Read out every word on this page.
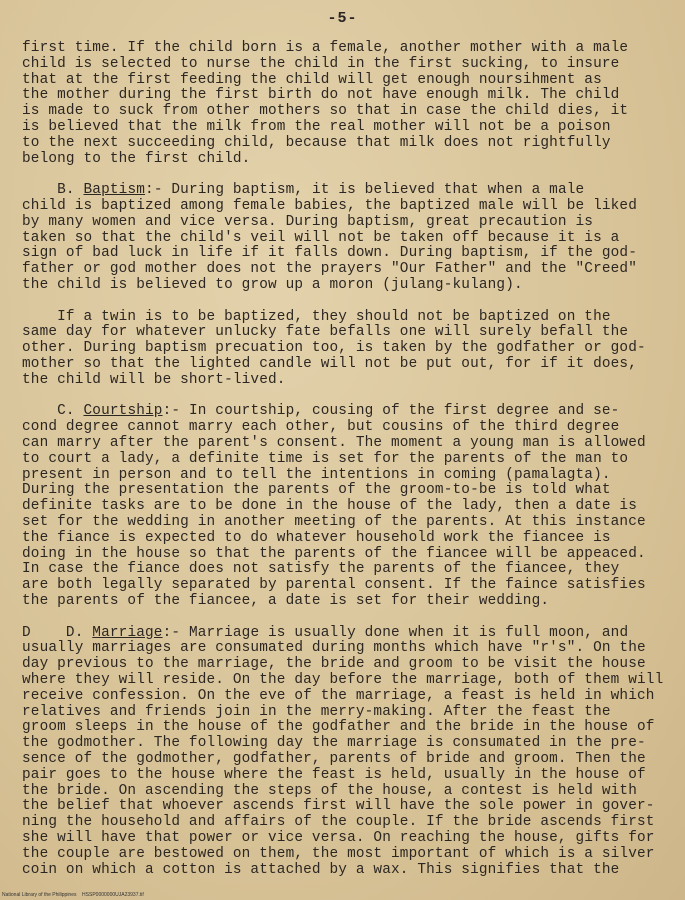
-5-
first time. If the child born is a female, another mother with a male
child is selected to nurse the child in the first sucking, to insure
that at the first feeding the child will get enough noursihment as
the mother during the first birth do not have enough milk. The child
is made to suck from other mothers so that in case the child dies, it
is believed that the milk from the real mother will not be a poison
to the next succeeding child, because that milk does not rightfully
belong to the first child.
B. Baptism:- During baptism, it is believed that when a male
child is baptized among female babies, the baptized male will be liked
by many women and vice versa. During baptism, great precaution is
taken so that the child's veil will not be taken off because it is a
sign of bad luck in life if it falls down. During baptism, if the god-
father or god mother does not the prayers "Our Father" and the "Creed"
the child is believed to grow up a moron (julang-kulang).
If a twin is to be baptized, they should not be baptized on the
same day for whatever unlucky fate befalls one will surely befall the
other. During baptism precuation too, is taken by the godfather or god-
mother so that the lighted candle will not be put out, for if it does,
the child will be short-lived.
C. Courtship:- In courtship, cousing of the first degree and se-
cond degree cannot marry each other, but cousins of the third degree
can marry after the parent's consent. The moment a young man is allowed
to court a lady, a definite time is set for the parents of the man to
present in person and to tell the intentions in coming (pamalagta).
During the presentation the parents of the groom-to-be is told what
definite tasks are to be done in the house of the lady, then a date is
set for the wedding in another meeting of the parents. At this instance
the fiance is expected to do whatever household work the fiancee is
doing in the house so that the parents of the fiancee will be appeaced.
In case the fiance does not satisfy the parents of the fiancee, they
are both legally separated by parental consent. If the faince satisfies
the parents of the fiancee, a date is set for their wedding.
D    D. Marriage:- Marriage is usually done when it is full moon, and
usually marriages are consumated during months which have "r's". On the
day previous to the marriage, the bride and groom to be visit the house
where they will reside. On the day before the marriage, both of them will
receive confession. On the eve of the marriage, a feast is held in which
relatives and friends join in the merry-making. After the feast the
groom sleeps in the house of the godfather and the bride in the house of
the godmother. The following day the marriage is consumated in the pre-
sence of the godmother, godfather, parents of bride and groom. Then the
pair goes to the house where the feast is held, usually in the house of
the bride. On ascending the steps of the house, a contest is held with
the belief that whoever ascends first will have the sole power in gover-
ning the household and affairs of the couple. If the bride ascends first
she will have that power or vice versa. On reaching the house, gifts for
the couple are bestowed on them, the most important of which is a silver
coin on which a cotton is attached by a wax. This signifies that the
National Library of the Philippines    HSSP0000000UJA23937.tif
